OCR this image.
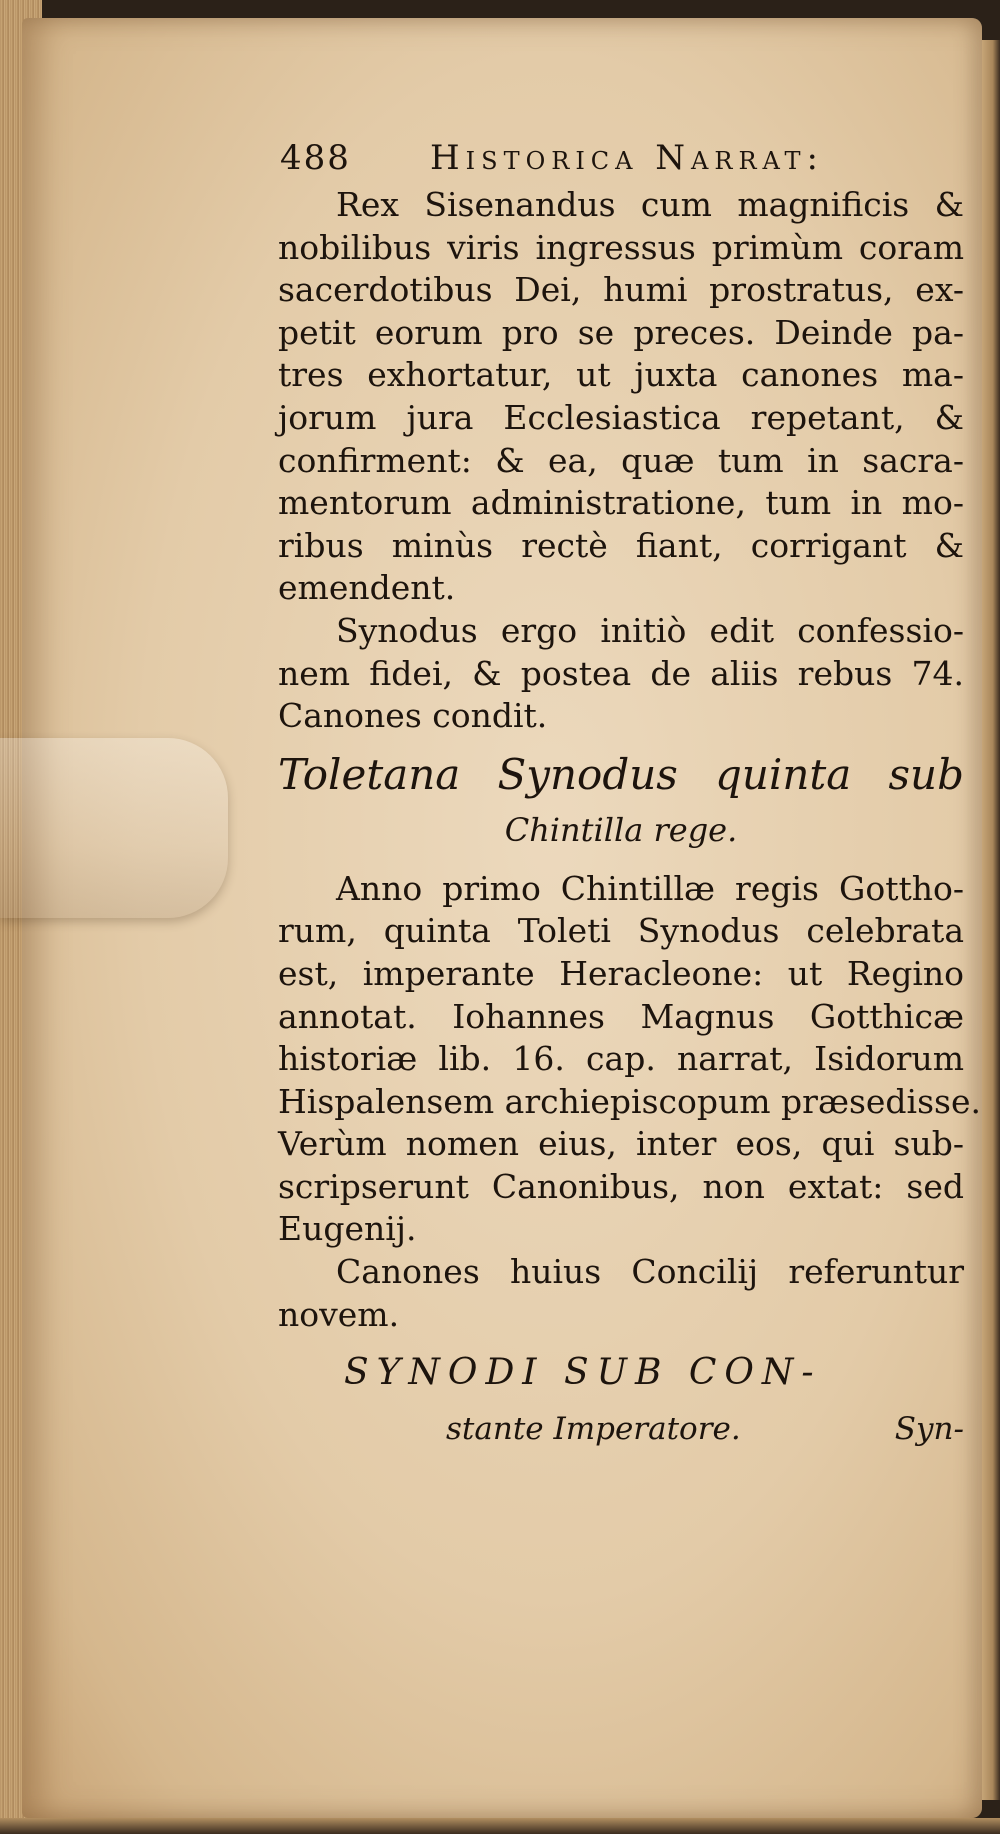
488 Historica Narrat:
Rex Sisenandus cum magnificis &
nobilibus viris ingressus primùm coram
sacerdotibus Dei, humi prostratus, ex-
petit eorum pro se preces. Deinde pa-
tres exhortatur, ut juxta canones ma-
jorum jura Ecclesiastica repetant, &
confirment: & ea, quæ tum in sacra-
mentorum administratione, tum in mo-
ribus minùs rectè fiant, corrigant &
emendent.
Synodus ergo initiò edit confessio-
nem fidei, & postea de aliis rebus 74.
Canones condit.
Toletana Synodus quinta sub
Chintilla rege.
Anno primo Chintillæ regis Gottho-
rum, quinta Toleti Synodus celebrata
est, imperante Heracleone: ut Regino
annotat. Iohannes Magnus Gotthicæ
historiæ lib. 16. cap. narrat, Isidorum
Hispalensem archiepiscopum præsedisse.
Verùm nomen eius, inter eos, qui sub-
scripserunt Canonibus, non extat: sed
Eugenij.
Canones huius Concilij referuntur
novem.
SYNODI SUB CON-
stante Imperatore.	Syn-
